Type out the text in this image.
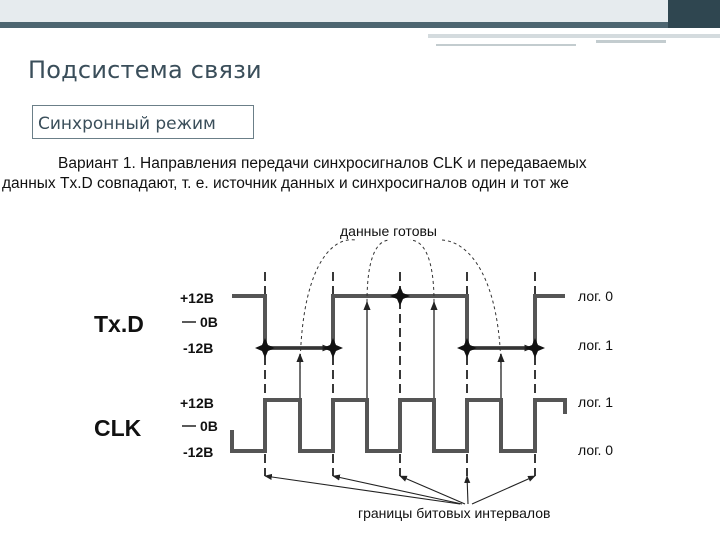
Подсистема связи
Синхронный режим
Вариант 1. Направления передачи синхросигналов CLK и передаваемых
данных Tx.D совпадают, т. е. источник данных и синхросигналов один и тот же
данные готовы
Tx.D
+12В
0В
-12В
лог. 0
лог. 1
CLK
+12В
0В
-12В
лог. 1
лог. 0
границы битовых интервалов
